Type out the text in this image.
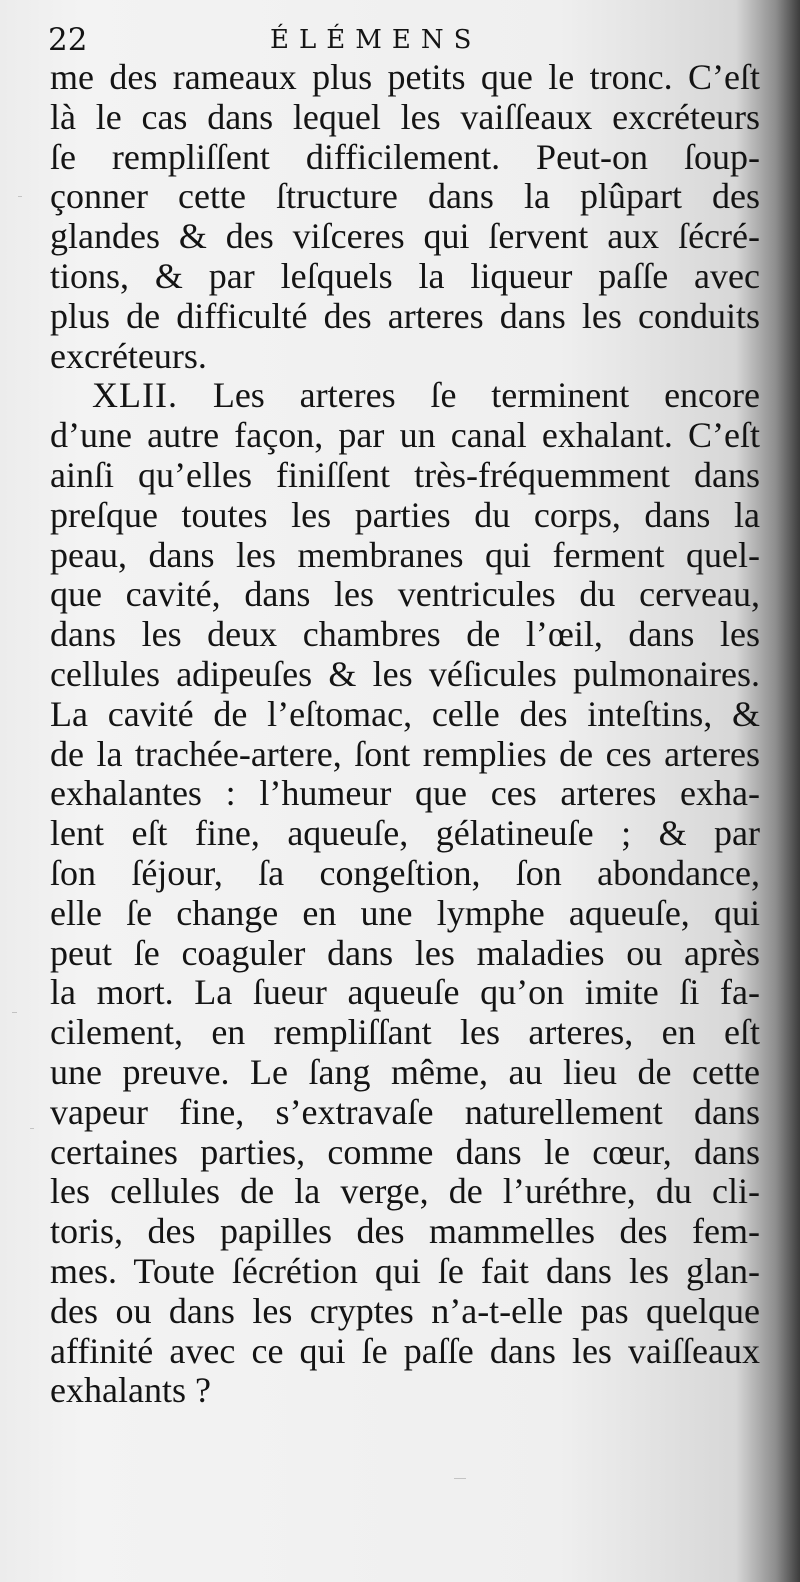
22	ÉLÉMENS
me des rameaux plus petits que le tronc. C’eſt
là le cas dans lequel les vaiſſeaux excréteurs
ſe rempliſſent difficilement. Peut-on ſoup-
çonner cette ſtructure dans la plûpart des
glandes & des viſceres qui ſervent aux ſécré-
tions, & par leſquels la liqueur paſſe avec
plus de difficulté des arteres dans les conduits
excréteurs.
XLII. Les arteres ſe terminent encore
d’une autre façon, par un canal exhalant. C’eſt
ainſi qu’elles finiſſent très-fréquemment dans
preſque toutes les parties du corps, dans la
peau, dans les membranes qui ferment quel-
que cavité, dans les ventricules du cerveau,
dans les deux chambres de l’œil, dans les
cellules adipeuſes & les véſicules pulmonaires.
La cavité de l’eſtomac, celle des inteſtins, &
de la trachée-artere, ſont remplies de ces arteres
exhalantes : l’humeur que ces arteres exha-
lent eſt fine, aqueuſe, gélatineuſe ; & par
ſon ſéjour, ſa congeſtion, ſon abondance,
elle ſe change en une lymphe aqueuſe, qui
peut ſe coaguler dans les maladies ou après
la mort. La ſueur aqueuſe qu’on imite ſi fa-
cilement, en rempliſſant les arteres, en eſt
une preuve. Le ſang même, au lieu de cette
vapeur fine, s’extravaſe naturellement dans
certaines parties, comme dans le cœur, dans
les cellules de la verge, de l’uréthre, du cli-
toris, des papilles des mammelles des fem-
mes. Toute ſécrétion qui ſe fait dans les glan-
des ou dans les cryptes n’a-t-elle pas quelque
affinité avec ce qui ſe paſſe dans les vaiſſeaux
exhalants ?
